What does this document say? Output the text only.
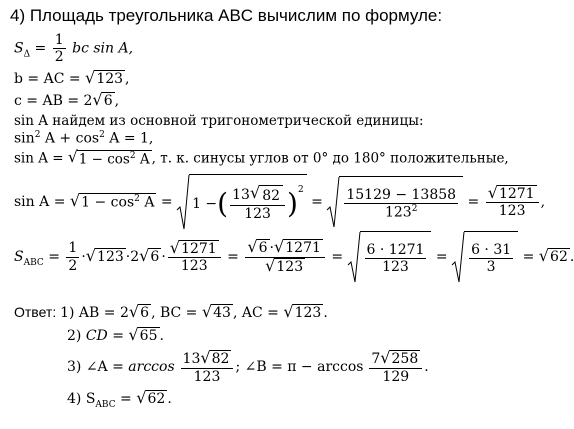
4) Площадь треугольника ABC вычислим по формуле:
$S_\Delta = \frac{1}{2}$ bc sin A,
b = AC = √ 123 ,
c = AB = 2 √ 6 ,
sin A найдем из основной тригонометрической единицы:
$\sin^2 A + \cos^2 A = 1$,
sin A = √ $1 - \cos^2 A$ , т. к. синусы углов от 0° до 180° положительные,
sin A = √ $1 - \cos^2 A = 1$ − ( $\frac{13 √ 82}{123} )^2$
= $\frac{15129 - 13858}{123^2} = \frac{√ 1271}{123}$ ,
$S_{ABC} = \frac{1}{2}$ · √ 123 ·2 √ $6 \cdot \frac{√ 1271}{123} = \frac{√ 6 \cdot √ 1271}{√ 123} = \frac{6 \cdot 1271}{123} = \frac{6 \cdot 31}{3}$ = √ 62 .
Ответ: 1) AB = 2 √ 6 , BC = √ 43 , AC = √ 123 .
2) CD = √ 65 .
3) ∠A = $\arccos \frac{13 √ 82}{123}$ ; ∠B = $\pi - \arccos \frac{7 √ 258}{129}$ .
4) $S_{ABC}$ = √ 62 .
